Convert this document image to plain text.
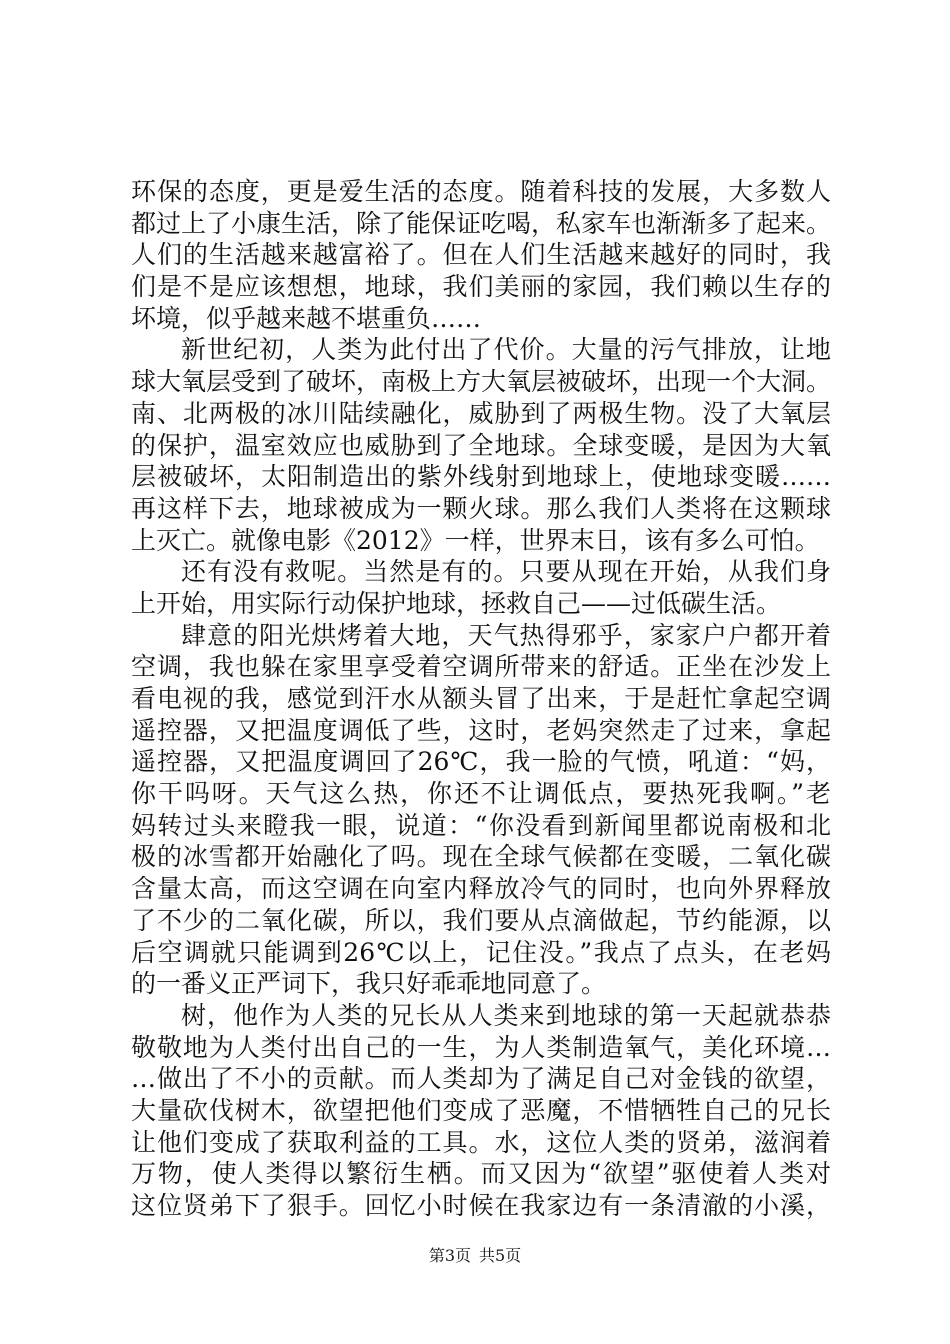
环保的态度，更是爱生活的态度。随着科技的发展，大多数人
都过上了小康生活，除了能保证吃喝，私家车也渐渐多了起来。
人们的生活越来越富裕了。但在人们生活越来越好的同时，我
们是不是应该想想，地球，我们美丽的家园，我们赖以生存的
坏境，似乎越来越不堪重负……
新世纪初，人类为此付出了代价。大量的污气排放，让地
球大氧层受到了破坏，南极上方大氧层被破坏，出现一个大洞。
南、北两极的冰川陆续融化，威胁到了两极生物。没了大氧层
的保护，温室效应也威胁到了全地球。全球变暖，是因为大氧
层被破坏，太阳制造出的紫外线射到地球上，使地球变暖……
再这样下去，地球被成为一颗火球。那么我们人类将在这颗球
上灭亡。就像电影《2012》一样，世界末日，该有多么可怕。
还有没有救呢。当然是有的。只要从现在开始，从我们身
上开始，用实际行动保护地球，拯救自己——过低碳生活。
肆意的阳光烘烤着大地，天气热得邪乎，家家户户都开着
空调，我也躲在家里享受着空调所带来的舒适。正坐在沙发上
看电视的我，感觉到汗水从额头冒了出来，于是赶忙拿起空调
遥控器，又把温度调低了些，这时，老妈突然走了过来，拿起
遥控器，又把温度调回了26℃，我一脸的气愤，吼道：“妈，
你干吗呀。天气这么热，你还不让调低点，要热死我啊。”老
妈转过头来瞪我一眼，说道：“你没看到新闻里都说南极和北
极的冰雪都开始融化了吗。现在全球气候都在变暖，二氧化碳
含量太高，而这空调在向室内释放冷气的同时，也向外界释放
了不少的二氧化碳，所以，我们要从点滴做起，节约能源，以
后空调就只能调到26℃以上，记住没。”我点了点头，在老妈
的一番义正严词下，我只好乖乖地同意了。
树，他作为人类的兄长从人类来到地球的第一天起就恭恭
敬敬地为人类付出自己的一生，为人类制造氧气，美化环境…
…做出了不小的贡献。而人类却为了满足自己对金钱的欲望，
大量砍伐树木，欲望把他们变成了恶魔，不惜牺牲自己的兄长
让他们变成了获取利益的工具。水，这位人类的贤弟，滋润着
万物，使人类得以繁衍生栖。而又因为“欲望”驱使着人类对
这位贤弟下了狠手。回忆小时候在我家边有一条清澈的小溪，
第3页 共5页
